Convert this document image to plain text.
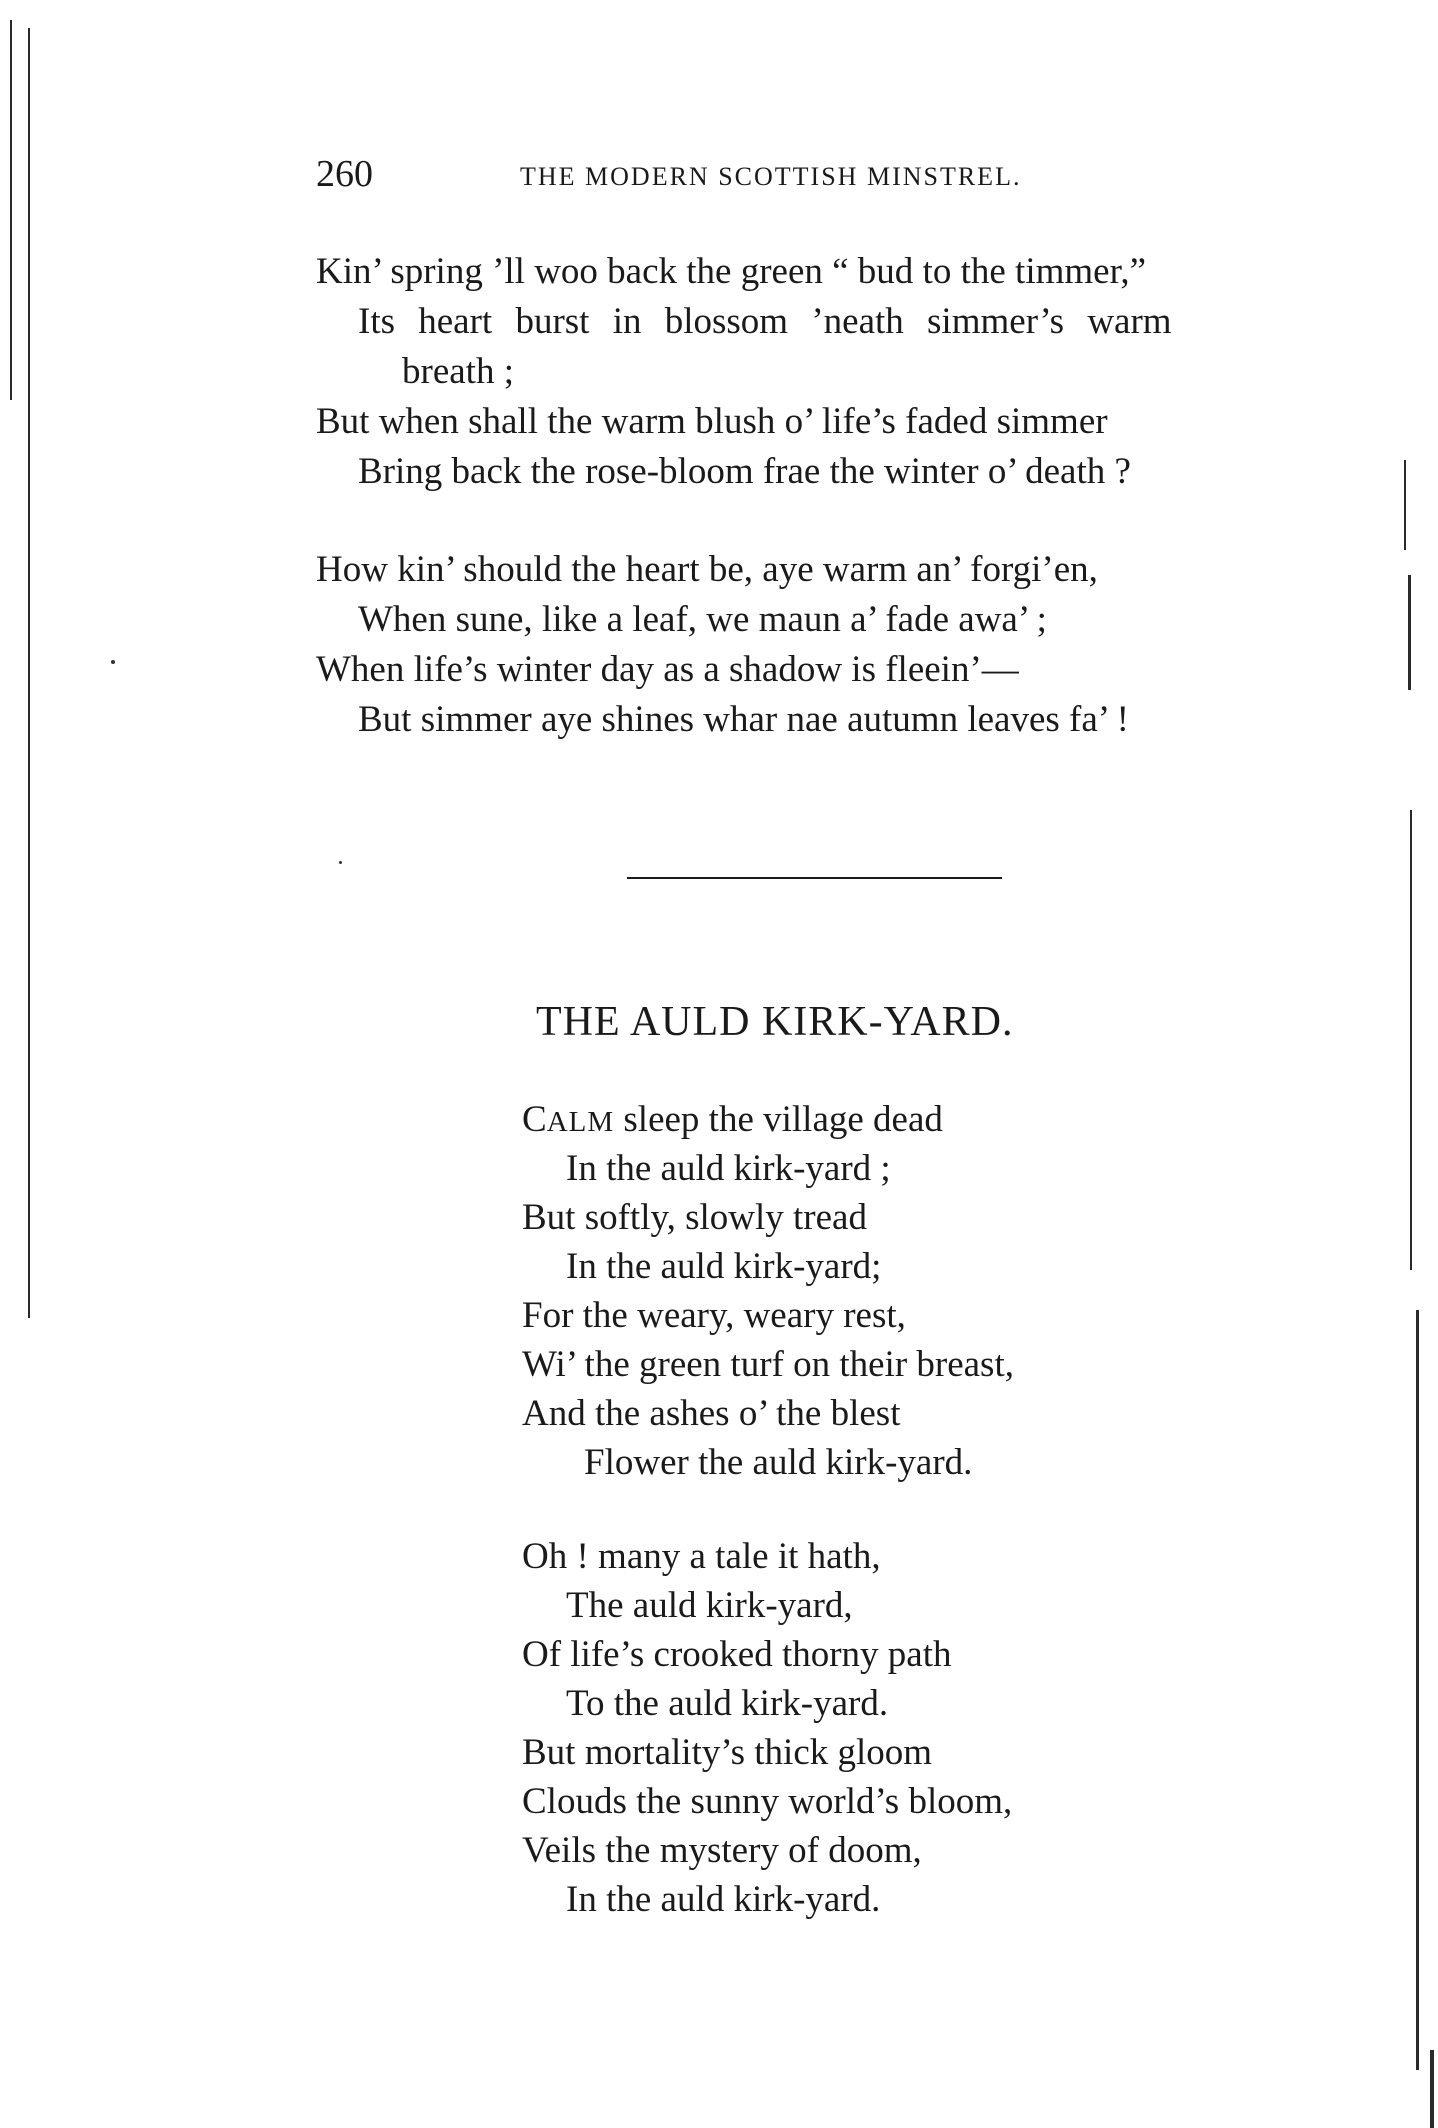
260	THE MODERN SCOTTISH MINSTREL.
Kin’ spring ’ll woo back the green “ bud to the timmer,”
Its heart burst in blossom ’neath simmer’s warm
breath ;
But when shall the warm blush o’ life’s faded simmer
Bring back the rose-bloom frae the winter o’ death ?
How kin’ should the heart be, aye warm an’ forgi’en,
When sune, like a leaf, we maun a’ fade awa’ ;
When life’s winter day as a shadow is fleein’—
But simmer aye shines whar nae autumn leaves fa’ !
THE AULD KIRK-YARD.
CALM sleep the village dead
In the auld kirk-yard ;
But softly, slowly tread
In the auld kirk-yard;
For the weary, weary rest,
Wi’ the green turf on their breast,
And the ashes o’ the blest
Flower the auld kirk-yard.
Oh ! many a tale it hath,
The auld kirk-yard,
Of life’s crooked thorny path
To the auld kirk-yard.
But mortality’s thick gloom
Clouds the sunny world’s bloom,
Veils the mystery of doom,
In the auld kirk-yard.
